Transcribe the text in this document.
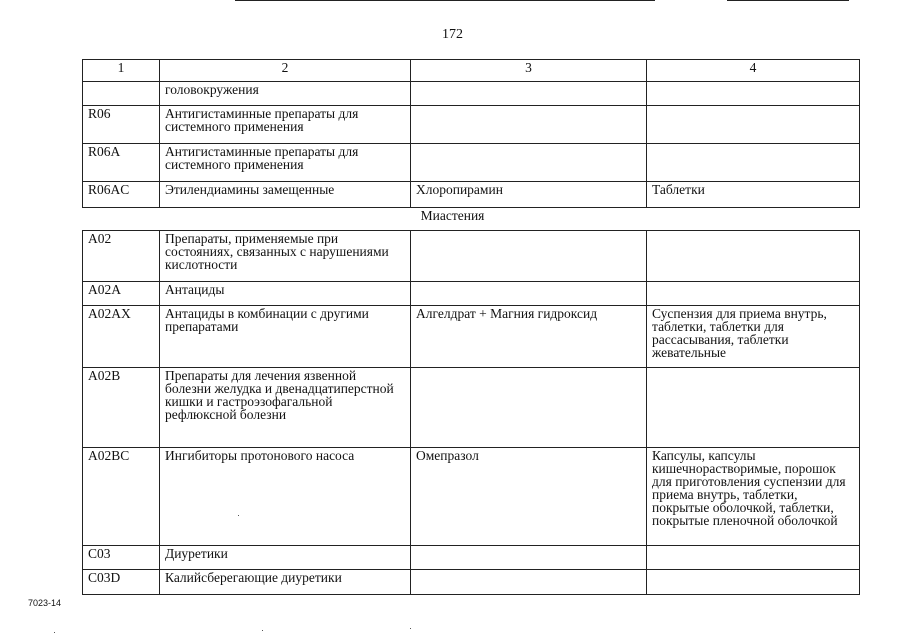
172
1	2	3	4
	головокружения		
R06	Антигистаминные препараты для системного применения		
R06A	Антигистаминные препараты для системного применения		
R06AC	Этилендиамины замещенные	Хлоропирамин	Таблетки
Миастения
A02	Препараты, применяемые при состояниях, связанных с нарушениями кислотности		
A02A	Антациды		
A02AX	Антациды в комбинации с другими препаратами	Алгелдрат + Магния гидроксид	Суспензия для приема внутрь, таблетки, таблетки для рассасывания, таблетки жевательные
A02B	Препараты для лечения язвенной болезни желудка и двенадцатиперстной кишки и гастроэзофагальной рефлюксной болезни		
A02BC	Ингибиторы протонового насоса	Омепразол	Капсулы, капсулы кишечнорастворимые, порошок для приготовления суспензии для приема внутрь, таблетки, покрытые оболочкой, таблетки, покрытые пленочной оболочкой
C03	Диуретики		
C03D	Калийсберегающие диуретики		
7023-14
